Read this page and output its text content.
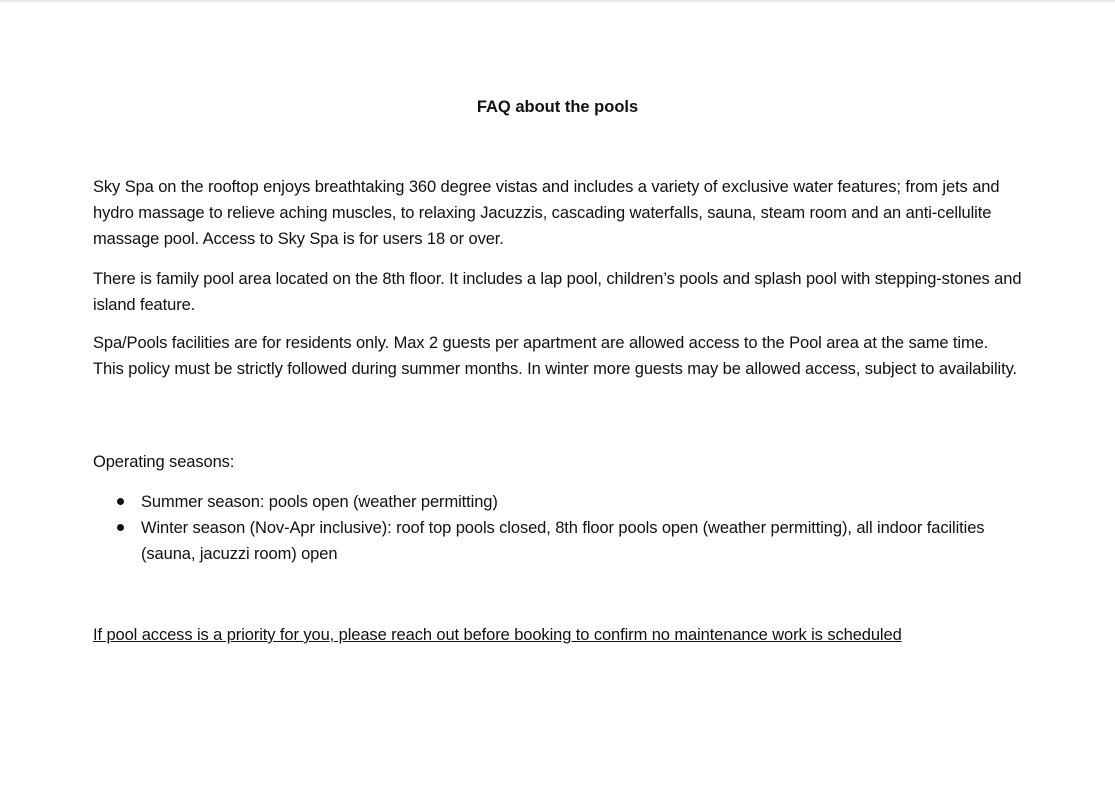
FAQ about the pools

Sky Spa on the rooftop enjoys breathtaking 360 degree vistas and includes a variety of exclusive water features; from jets and hydro massage to relieve aching muscles, to relaxing Jacuzzis, cascading waterfalls, sauna, steam room and an anti-cellulite massage pool. Access to Sky Spa is for users 18 or over.

There is family pool area located on the 8th floor. It includes a lap pool, children’s pools and splash pool with stepping-stones and island feature.

Spa/Pools facilities are for residents only. Max 2 guests per apartment are allowed access to the Pool area at the same time. This policy must be strictly followed during summer months. In winter more guests may be allowed access, subject to availability.

Operating seasons:

Summer season: pools open (weather permitting)
Winter season (Nov-Apr inclusive): roof top pools closed, 8th floor pools open (weather permitting), all indoor facilities (sauna, jacuzzi room) open
If pool access is a priority for you, please reach out before booking to confirm no maintenance work is scheduled
